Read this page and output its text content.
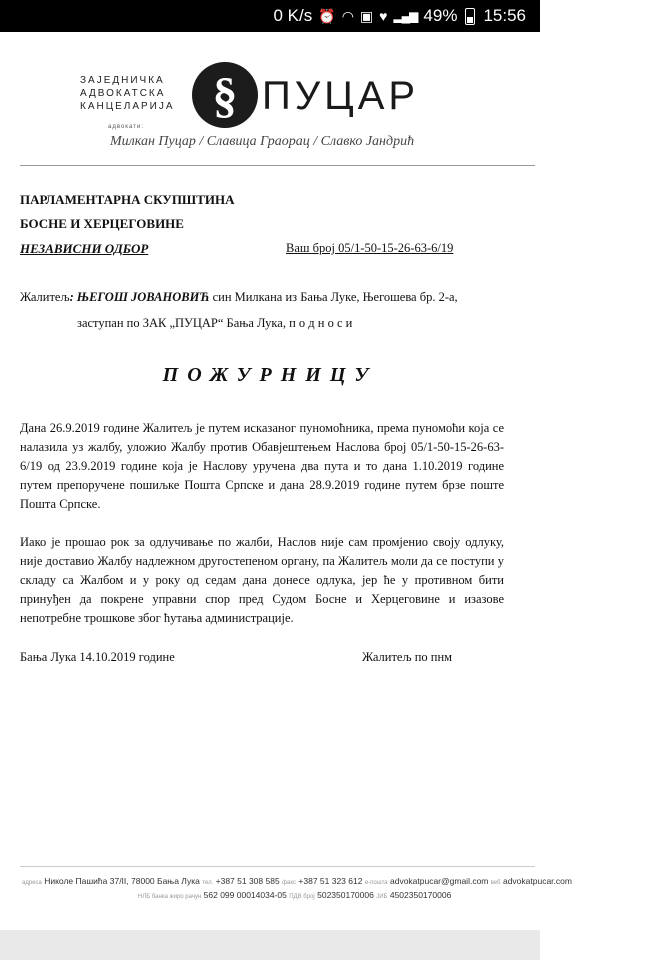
0 K/s ⏰ ◠ ▣ ♥ ▂▄▆ 49% 15:56
ЗАЈЕДНИЧКА
АДВОКАТСКА
КАНЦЕЛАРИЈА
адвокати:
§ ПУЦАР
Милкан Пуцар / Славица Граорац / Славко Јандрић
ПАРЛАМЕНТАРНА СКУПШТИНА
БОСНЕ И ХЕРЦЕГОВИНЕ
НЕЗАВИСНИ ОДБОР	Ваш број 05/1-50-15-26-63-6/19
Жалитељ: ЊЕГОШ ЈОВАНОВИЋ син Милкана из Бања Луке, Његошева бр. 2-а,
заступан по ЗАК „ПУЦАР“ Бања Лука, п о д н о с и
ПОЖУРНИЦУ

Дана 26.9.2019 године Жалитељ је путем исказаног пуномоћника, према пуномоћи која се налазила уз жалбу, уложио Жалбу против Обавјештењем Наслова број 05/1-50-15-26-63-6/19 од 23.9.2019 године која је Наслову уручена два пута и то дана 1.10.2019 године путем препоручене пошиљке Пошта Српске и дана 28.9.2019 године путем брзе поште Пошта Српске.

Иако је прошао рок за одлучивање по жалби, Наслов није сам промјенио своју одлуку, није доставио Жалбу надлежном другостепеном органу, па Жалитељ моли да се поступи у складу са Жалбом и у року од седам дана донесе одлука, јер ће у противном бити принуђен да покрене управни спор пред Судом Босне и Херцеговине и изазове непотребне трошкове због ћутања администрације.

Бања Лука 14.10.2019 године	Жалитељ по пнм
адреса Николе Пашића 37/II, 78000 Бања Лука тел. +387 51 308 585 факс +387 51 323 612 e-пошта advokatpucar@gmail.com веб advokatpucar.com
НЛБ банка жиро рачун 562 099 00014034-05 ПДВ број 502350170006 ЈИБ 4502350170006
